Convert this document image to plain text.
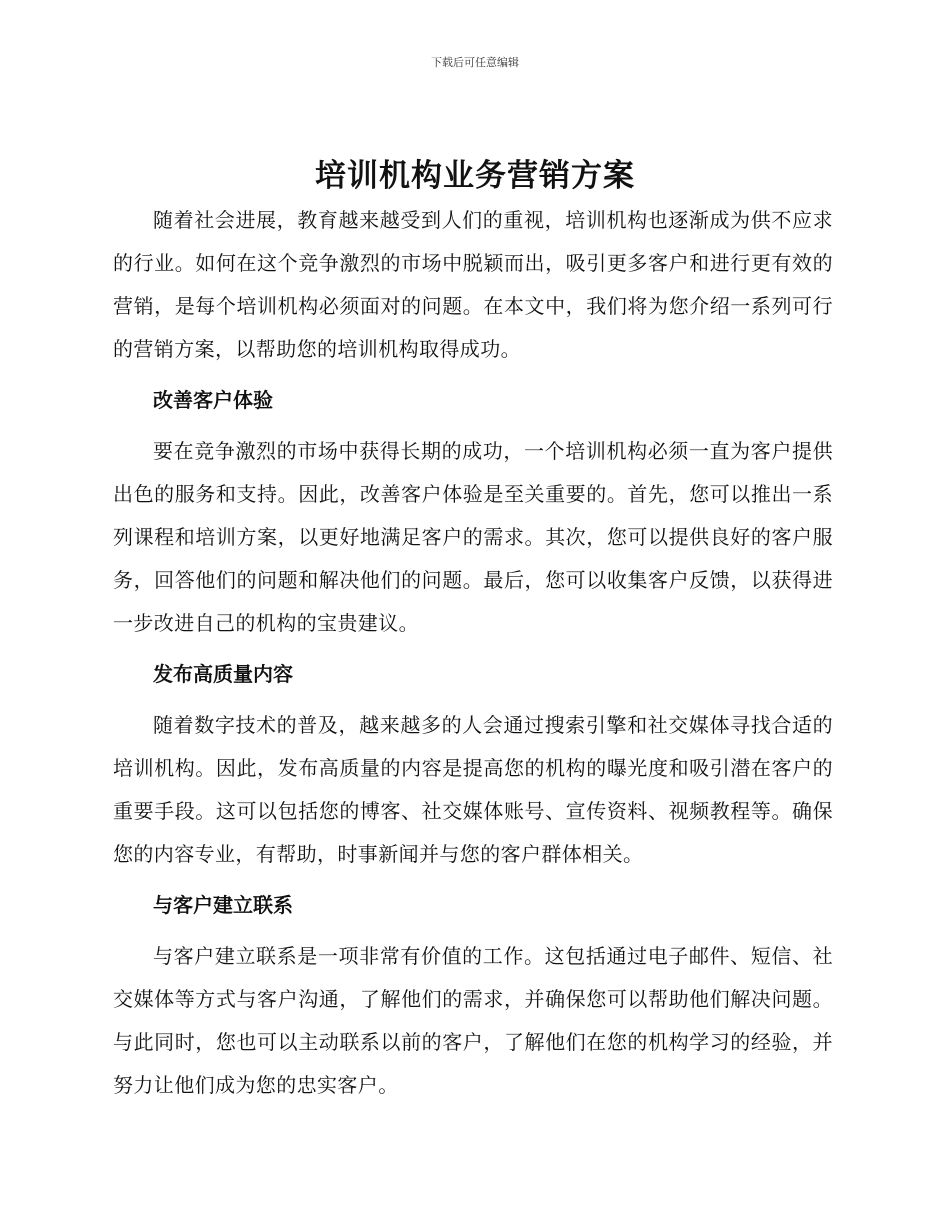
下载后可任意编辑
培训机构业务营销方案

随着社会进展，教育越来越受到人们的重视，培训机构也逐渐成为供不应求的行业。如何在这个竞争激烈的市场中脱颖而出，吸引更多客户和进行更有效的营销，是每个培训机构必须面对的问题。在本文中，我们将为您介绍一系列可行的营销方案，以帮助您的培训机构取得成功。

改善客户体验

要在竞争激烈的市场中获得长期的成功，一个培训机构必须一直为客户提供出色的服务和支持。因此，改善客户体验是至关重要的。首先，您可以推出一系列课程和培训方案，以更好地满足客户的需求。其次，您可以提供良好的客户服务，回答他们的问题和解决他们的问题。最后，您可以收集客户反馈，以获得进一步改进自己的机构的宝贵建议。

发布高质量内容

随着数字技术的普及，越来越多的人会通过搜索引擎和社交媒体寻找合适的培训机构。因此，发布高质量的内容是提高您的机构的曝光度和吸引潜在客户的重要手段。这可以包括您的博客、社交媒体账号、宣传资料、视频教程等。确保您的内容专业，有帮助，时事新闻并与您的客户群体相关。

与客户建立联系

与客户建立联系是一项非常有价值的工作。这包括通过电子邮件、短信、社交媒体等方式与客户沟通，了解他们的需求，并确保您可以帮助他们解决问题。与此同时，您也可以主动联系以前的客户，了解他们在您的机构学习的经验，并努力让他们成为您的忠实客户。
